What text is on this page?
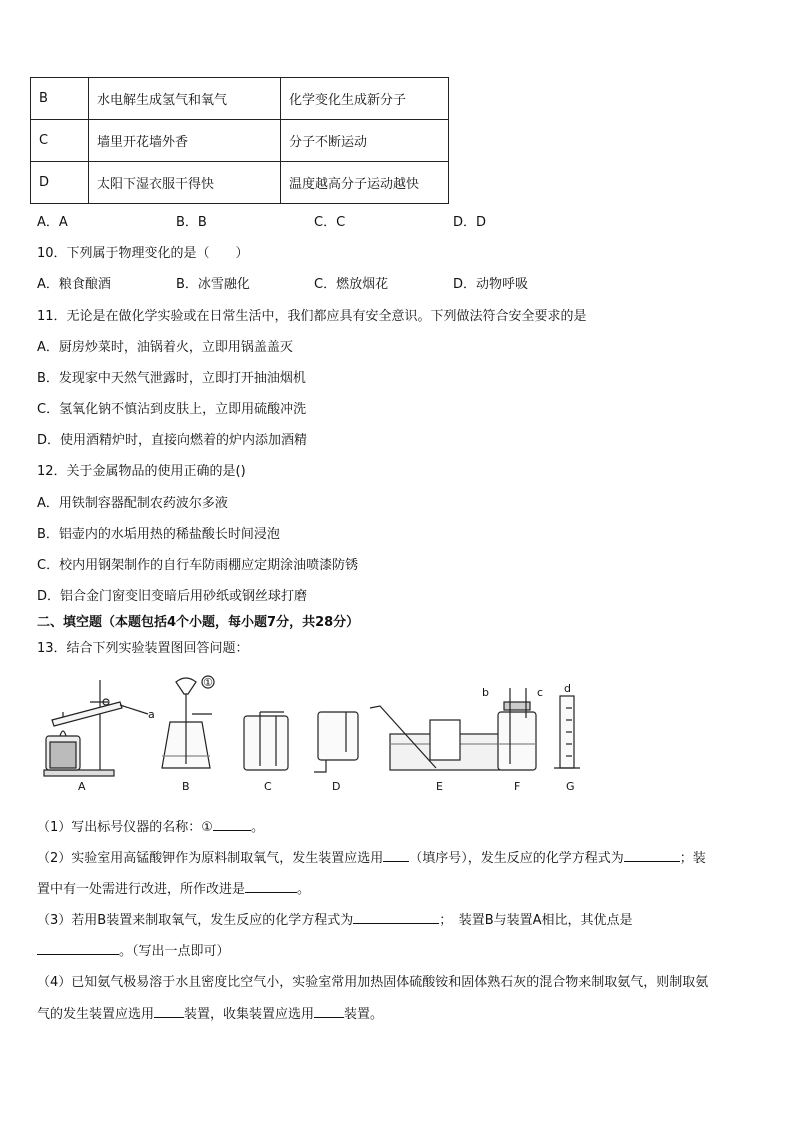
B	水电解生成氢气和氧气	化学变化生成新分子
C	墙里开花墙外香	分子不断运动
D	太阳下湿衣服干得快	温度越高分子运动越快
A．A	B．B	C．C	D．D
10．下列属于物理变化的是（　　）
A．粮食酿酒	B．冰雪融化	C．燃放烟花	D．动物呼吸
11．无论是在做化学实验或在日常生活中，我们都应具有安全意识。下列做法符合安全要求的是
A．厨房炒菜时，油锅着火，立即用锅盖盖灭
B．发现家中天然气泄露时，立即打开抽油烟机
C．氢氧化钠不慎沾到皮肤上，立即用硫酸冲洗
D．使用酒精炉时，直接向燃着的炉内添加酒精
12．关于金属物品的使用正确的是()
A．用铁制容器配制农药波尔多液
B．铝壶内的水垢用热的稀盐酸长时间浸泡
C．校内用钢架制作的自行车防雨棚应定期涂油喷漆防锈
D．铝合金门窗变旧变暗后用砂纸或钢丝球打磨
二、填空题（本题包括4个小题，每小题7分，共28分）
13．结合下列实验装置图回答问题：
A	B	C	D	E	F	G
a
①
b	c d
（1）写出标号仪器的名称：①	。
（2）实验室用高锰酸钾作为原料制取氧气，发生装置应选用 （填序号），发生反应的化学方程式为	；装
置中有一处需进行改进，所作改进是	。
（3）若用B装置来制取氧气，发生反应的化学方程式为	；　装置B与装置A相比，其优点是
。（写出一点即可）
（4）已知氨气极易溶于水且密度比空气小，实验室常用加热固体硫酸铵和固体熟石灰的混合物来制取氨气，则制取氨
气的发生装置应选用 装置，收集装置应选用 装置。
